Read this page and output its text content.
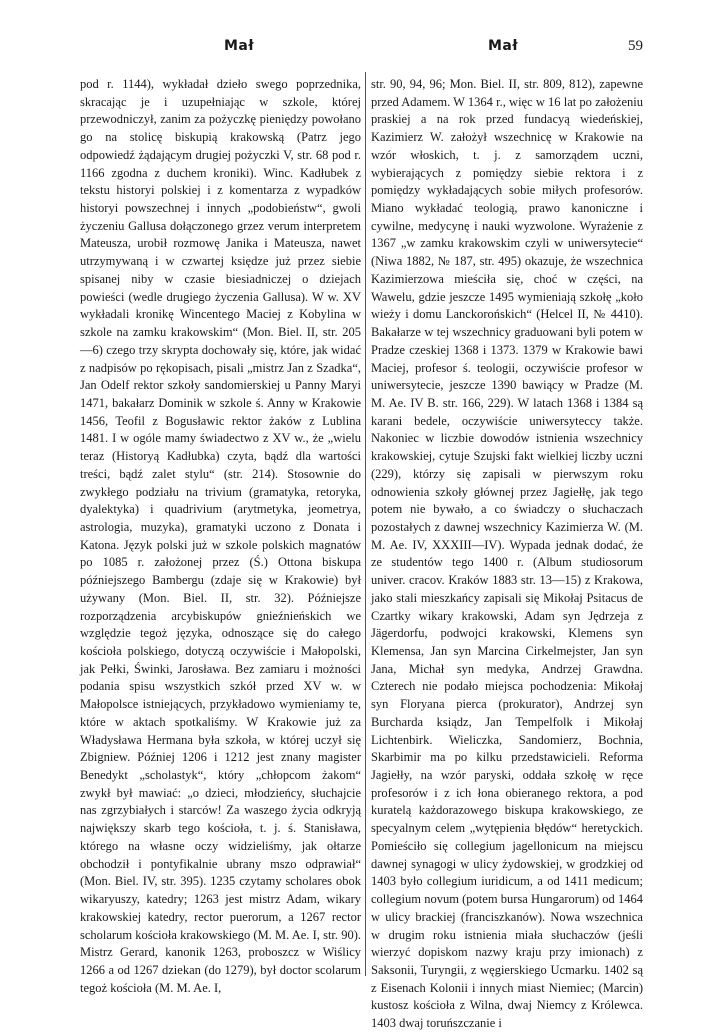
Mał	Mał	59

pod r. 1144), wykładał dzieło swego poprzednika, skracając je i uzupełniając w szkole, której przewodniczył, zanim za pożyczkę pieniędzy powołano go na stolicę biskupią krakowską (Patrz jego odpowiedź żądającym drugiej pożyczki V, str. 68 pod r. 1166 zgodna z duchem kroniki). Winc. Kadłubek z tekstu historyi polskiej i z komentarza z wypadków historyi powszechnej i innych „podobieństw“, gwoli życzeniu Gallusa dołączonego grzez verum interpretem Mateusza, urobił rozmowę Janika i Mateusza, nawet utrzymywaną i w czwartej księdze już przez siebie spisanej niby w czasie biesiadniczej o dziejach powieści (wedle drugiego życzenia Gallusa). W w. XV wykładali kronikę Wincentego Maciej z Kobylina w szkole na zamku krakowskim“ (Mon. Biel. II, str. 205—6) czego trzy skrypta dochowały się, które, jak widać z nadpisów po rękopisach, pisali „mistrz Jan z Szadka“, Jan Odelf rektor szkoły sandomierskiej u Panny Maryi 1471, bakałarz Dominik w szkole ś. Anny w Krakowie 1456, Teofil z Bogusławic rektor żaków z Lublina 1481. I w ogóle mamy świadectwo z XV w., że „wielu teraz (Historyą Kadłubka) czyta, bądź dla wartości treści, bądź zalet stylu“ (str. 214). Stosownie do zwykłego podziału na trivium (gramatyka, retoryka, dyalektyka) i quadrivium (arytmetyka, jeometrya, astrologia, muzyka), gramatyki uczono z Donata i Katona. Język polski już w szkole polskich magnatów po 1085 r. założonej przez (Ś.) Ottona biskupa późniejszego Bambergu (zdaje się w Krakowie) był używany (Mon. Biel. II, str. 32). Późniejsze rozporządzenia arcybiskupów gnieźnieńskich we względzie tegoż języka, odnoszące się do całego kościoła polskiego, dotyczą oczywiście i Małopolski, jak Pełki, Świnki, Jarosława. Bez zamiaru i możności podania spisu wszystkich szkół przed XV w. w Małopolsce istniejących, przykładowo wymieniamy te, które w aktach spotkaliśmy. W Krakowie już za Władysława Hermana była szkoła, w której uczył się Zbigniew. Później 1206 i 1212 jest znany magister Benedykt „scholastyk“, który „chłopcom żakom“ zwykł był mawiać: „o dzieci, młodzieńcy, słuchajcie nas zgrzybiałych i starców! Za waszego życia odkryją największy skarb tego kościoła, t. j. ś. Stanisława, którego na własne oczy widzieliśmy, jak ołtarze obchodził i pontyfikalnie ubrany mszo odprawiał“ (Mon. Biel. IV, str. 395). 1235 czytamy scholares obok wikaryuszy, katedry; 1263 jest mistrz Adam, wikary krakowskiej katedry, rector puerorum, a 1267 rector scholarum kościoła krakowskiego (M. M. Ae. I, str. 90). Mistrz Gerard, kanonik 1263, proboszcz w Wiślicy 1266 a od 1267 dziekan (do 1279), był doctor scolarum tegoż kościoła (M. M. Ae. I,

str. 90, 94, 96; Mon. Biel. II, str. 809, 812), zapewne przed Adamem. W 1364 r., więc w 16 lat po założeniu praskiej a na rok przed fundacyą wiedeńskiej, Kazimierz W. założył wszechnicę w Krakowie na wzór włoskich, t. j. z samorządem uczni, wybierających z pomiędzy siebie rektora i z pomiędzy wykładających sobie miłych profesorów. Miano wykładać teologią, prawo kanoniczne i cywilne, medycynę i nauki wyzwolone. Wyrażenie z 1367 „w zamku krakowskim czyli w uniwersytecie“ (Niwa 1882, № 187, str. 495) okazuje, że wszechnica Kazimierzowa mieściła się, choć w części, na Wawelu, gdzie jeszcze 1495 wymieniają szkołę „koło wieży i domu Lanckorońskich“ (Helcel II, № 4410). Bakałarze w tej wszechnicy graduowani byli potem w Pradze czeskiej 1368 i 1373. 1379 w Krakowie bawi Maciej, profesor ś. teologii, oczywiście profesor w uniwersytecie, jeszcze 1390 bawiący w Pradze (M. M. Ae. IV B. str. 166, 229). W latach 1368 i 1384 są karani bedele, oczywiście uniwersyteccy także. Nakoniec w liczbie dowodów istnienia wszechnicy krakowskiej, cytuje Szujski fakt wielkiej liczby uczni (229), którzy się zapisali w pierwszym roku odnowienia szkoły głównej przez Jagiełłę, jak tego potem nie bywało, a co świadczy o słuchaczach pozostałych z dawnej wszechnicy Kazimierza W. (M. M. Ae. IV, XXXIII—IV). Wypada jednak dodać, że ze studentów tego 1400 r. (Album studiosorum univer. cracov. Kraków 1883 str. 13—15) z Krakowa, jako stali mieszkańcy zapisali się Mikołaj Psitacus de Czartky wikary krakowski, Adam syn Jędrzeja z Jägerdorfu, podwojci krakowski, Klemens syn Klemensa, Jan syn Marcina Cirkelmejster, Jan syn Jana, Michał syn medyka, Andrzej Grawdna. Czterech nie podało miejsca pochodzenia: Mikołaj syn Floryana pierca (prokurator), Andrzej syn Burcharda ksiądz, Jan Tempelfolk i Mikołaj Lichtenbirk. Wieliczka, Sandomierz, Bochnia, Skarbimir ma po kilku przedstawicieli. Reforma Jagiełły, na wzór paryski, oddała szkołę w ręce profesorów i z ich łona obieranego rektora, a pod kuratelą każdorazowego biskupa krakowskiego, ze specyalnym celem „wytępienia błędów“ heretyckich. Pomieściło się collegium jagellonicum na miejscu dawnej synagogi w ulicy żydowskiej, w grodzkiej od 1403 było collegium iuridicum, a od 1411 medicum; collegium novum (potem bursa Hungarorum) od 1464 w ulicy brackiej (franciszkanów). Nowa wszechnica w drugim roku istnienia miała słuchaczów (jeśli wierzyć dopiskom nazwy kraju przy imionach) z Saksonii, Turyngii, z węgierskiego Ucmarku. 1402 są z Eisenach Kolonii i innych miast Niemiec; (Marcin) kustosz kościoła z Wilna, dwaj Niemcy z Królewca. 1403 dwaj toruńszczanie i
